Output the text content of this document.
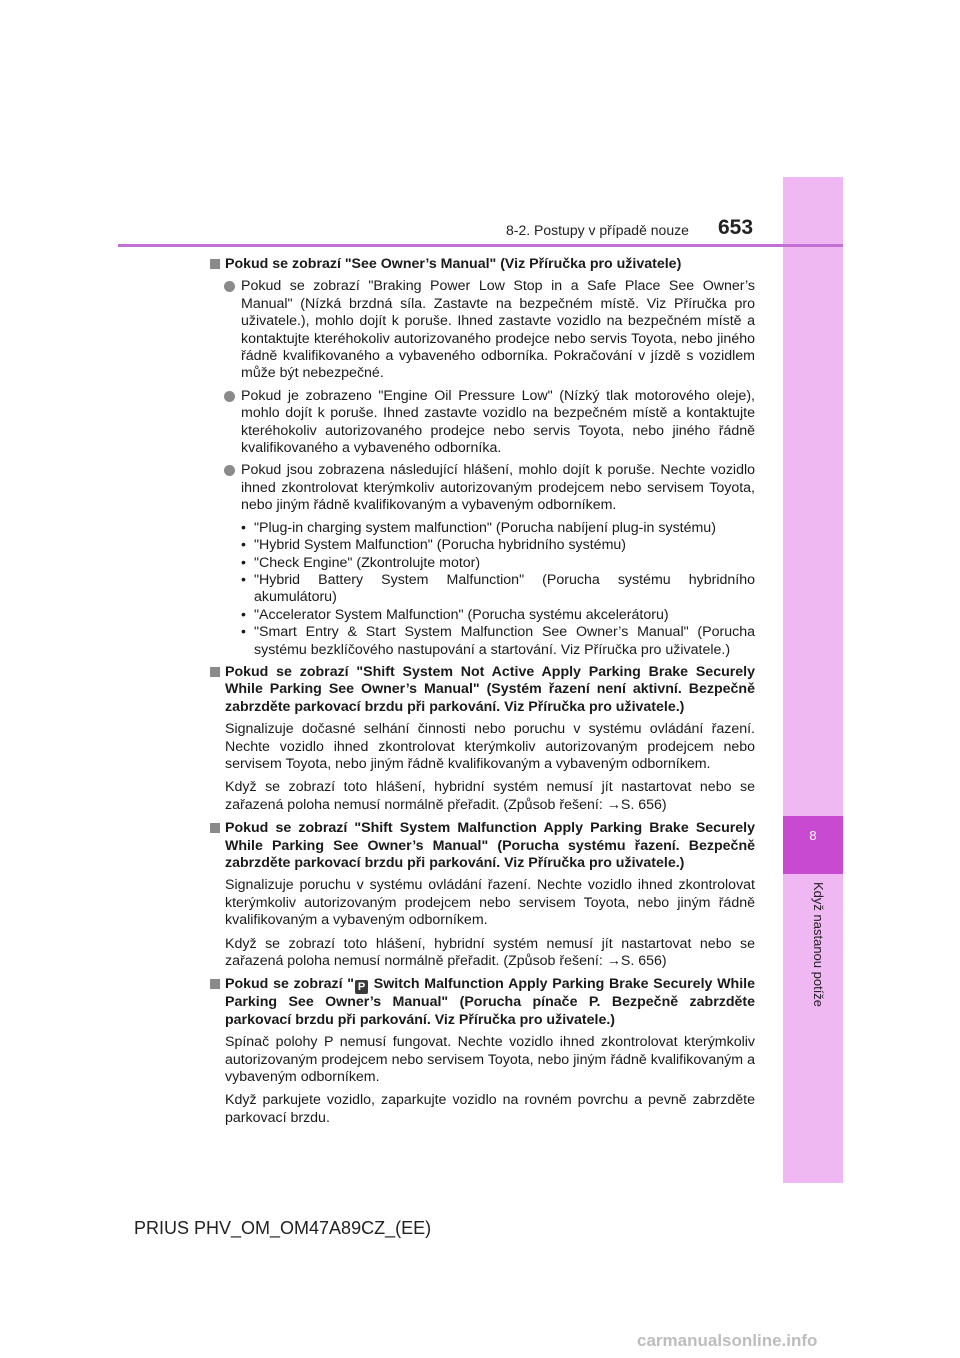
8
Když nastanou potíže
8-2. Postupy v případě nouze 653
Pokud se zobrazí "See Owner’s Manual" (Viz Příručka pro uživatele)
Pokud se zobrazí "Braking Power Low Stop in a Safe Place See Owner’s Manual" (Nízká brzdná síla. Zastavte na bezpečném místě. Viz Příručka pro uživatele.), mohlo dojít k poruše. Ihned zastavte vozidlo na bezpečném místě a kontaktujte kteréhokoliv autorizovaného prodejce nebo servis Toyota, nebo jiného řádně kvalifikovaného a vybaveného odborníka. Pokračování v jízdě s vozidlem může být nebezpečné.
Pokud je zobrazeno "Engine Oil Pressure Low" (Nízký tlak motorového oleje), mohlo dojít k poruše. Ihned zastavte vozidlo na bezpečném místě a kontaktujte kteréhokoliv autorizovaného prodejce nebo servis Toyota, nebo jiného řádně kvalifikovaného a vybaveného odborníka.
Pokud jsou zobrazena následující hlášení, mohlo dojít k poruše. Nechte vozidlo ihned zkontrolovat kterýmkoliv autorizovaným prodejcem nebo servisem Toyota, nebo jiným řádně kvalifikovaným a vybaveným odborníkem.
• "Plug-in charging system malfunction" (Porucha nabíjení plug-in systému)
• "Hybrid System Malfunction" (Porucha hybridního systému)
• "Check Engine" (Zkontrolujte motor)
• "Hybrid Battery System Malfunction" (Porucha systému hybridního akumulátoru)
• "Accelerator System Malfunction" (Porucha systému akcelerátoru)
• "Smart Entry & Start System Malfunction See Owner’s Manual" (Porucha systému bezklíčového nastupování a startování. Viz Příručka pro uživatele.)
Pokud se zobrazí "Shift System Not Active Apply Parking Brake Securely While Parking See Owner’s Manual" (Systém řazení není aktivní. Bezpečně zabrzděte parkovací brzdu při parkování. Viz Příručka pro uživatele.)
Signalizuje dočasné selhání činnosti nebo poruchu v systému ovládání řazení. Nechte vozidlo ihned zkontrolovat kterýmkoliv autorizovaným prodejcem nebo servisem Toyota, nebo jiným řádně kvalifikovaným a vybaveným odborníkem.
Když se zobrazí toto hlášení, hybridní systém nemusí jít nastartovat nebo se zařazená poloha nemusí normálně přeřadit. (Způsob řešení: →S. 656)
Pokud se zobrazí "Shift System Malfunction Apply Parking Brake Securely While Parking See Owner’s Manual" (Porucha systému řazení. Bezpečně zabrzděte parkovací brzdu při parkování. Viz Příručka pro uživatele.)
Signalizuje poruchu v systému ovládání řazení. Nechte vozidlo ihned zkontrolovat kterýmkoliv autorizovaným prodejcem nebo servisem Toyota, nebo jiným řádně kvalifikovaným a vybaveným odborníkem.
Když se zobrazí toto hlášení, hybridní systém nemusí jít nastartovat nebo se zařazená poloha nemusí normálně přeřadit. (Způsob řešení: →S. 656)
Pokud se zobrazí " P Switch Malfunction Apply Parking Brake Securely While Parking See Owner’s Manual" (Porucha pínače P. Bezpečně zabrzděte parkovací brzdu při parkování. Viz Příručka pro uživatele.)
Spínač polohy P nemusí fungovat. Nechte vozidlo ihned zkontrolovat kterýmkoliv autorizovaným prodejcem nebo servisem Toyota, nebo jiným řádně kvalifikovaným a vybaveným odborníkem.
Když parkujete vozidlo, zaparkujte vozidlo na rovném povrchu a pevně zabrzděte parkovací brzdu.
PRIUS PHV_OM_OM47A89CZ_(EE)
carmanualsonline.info
